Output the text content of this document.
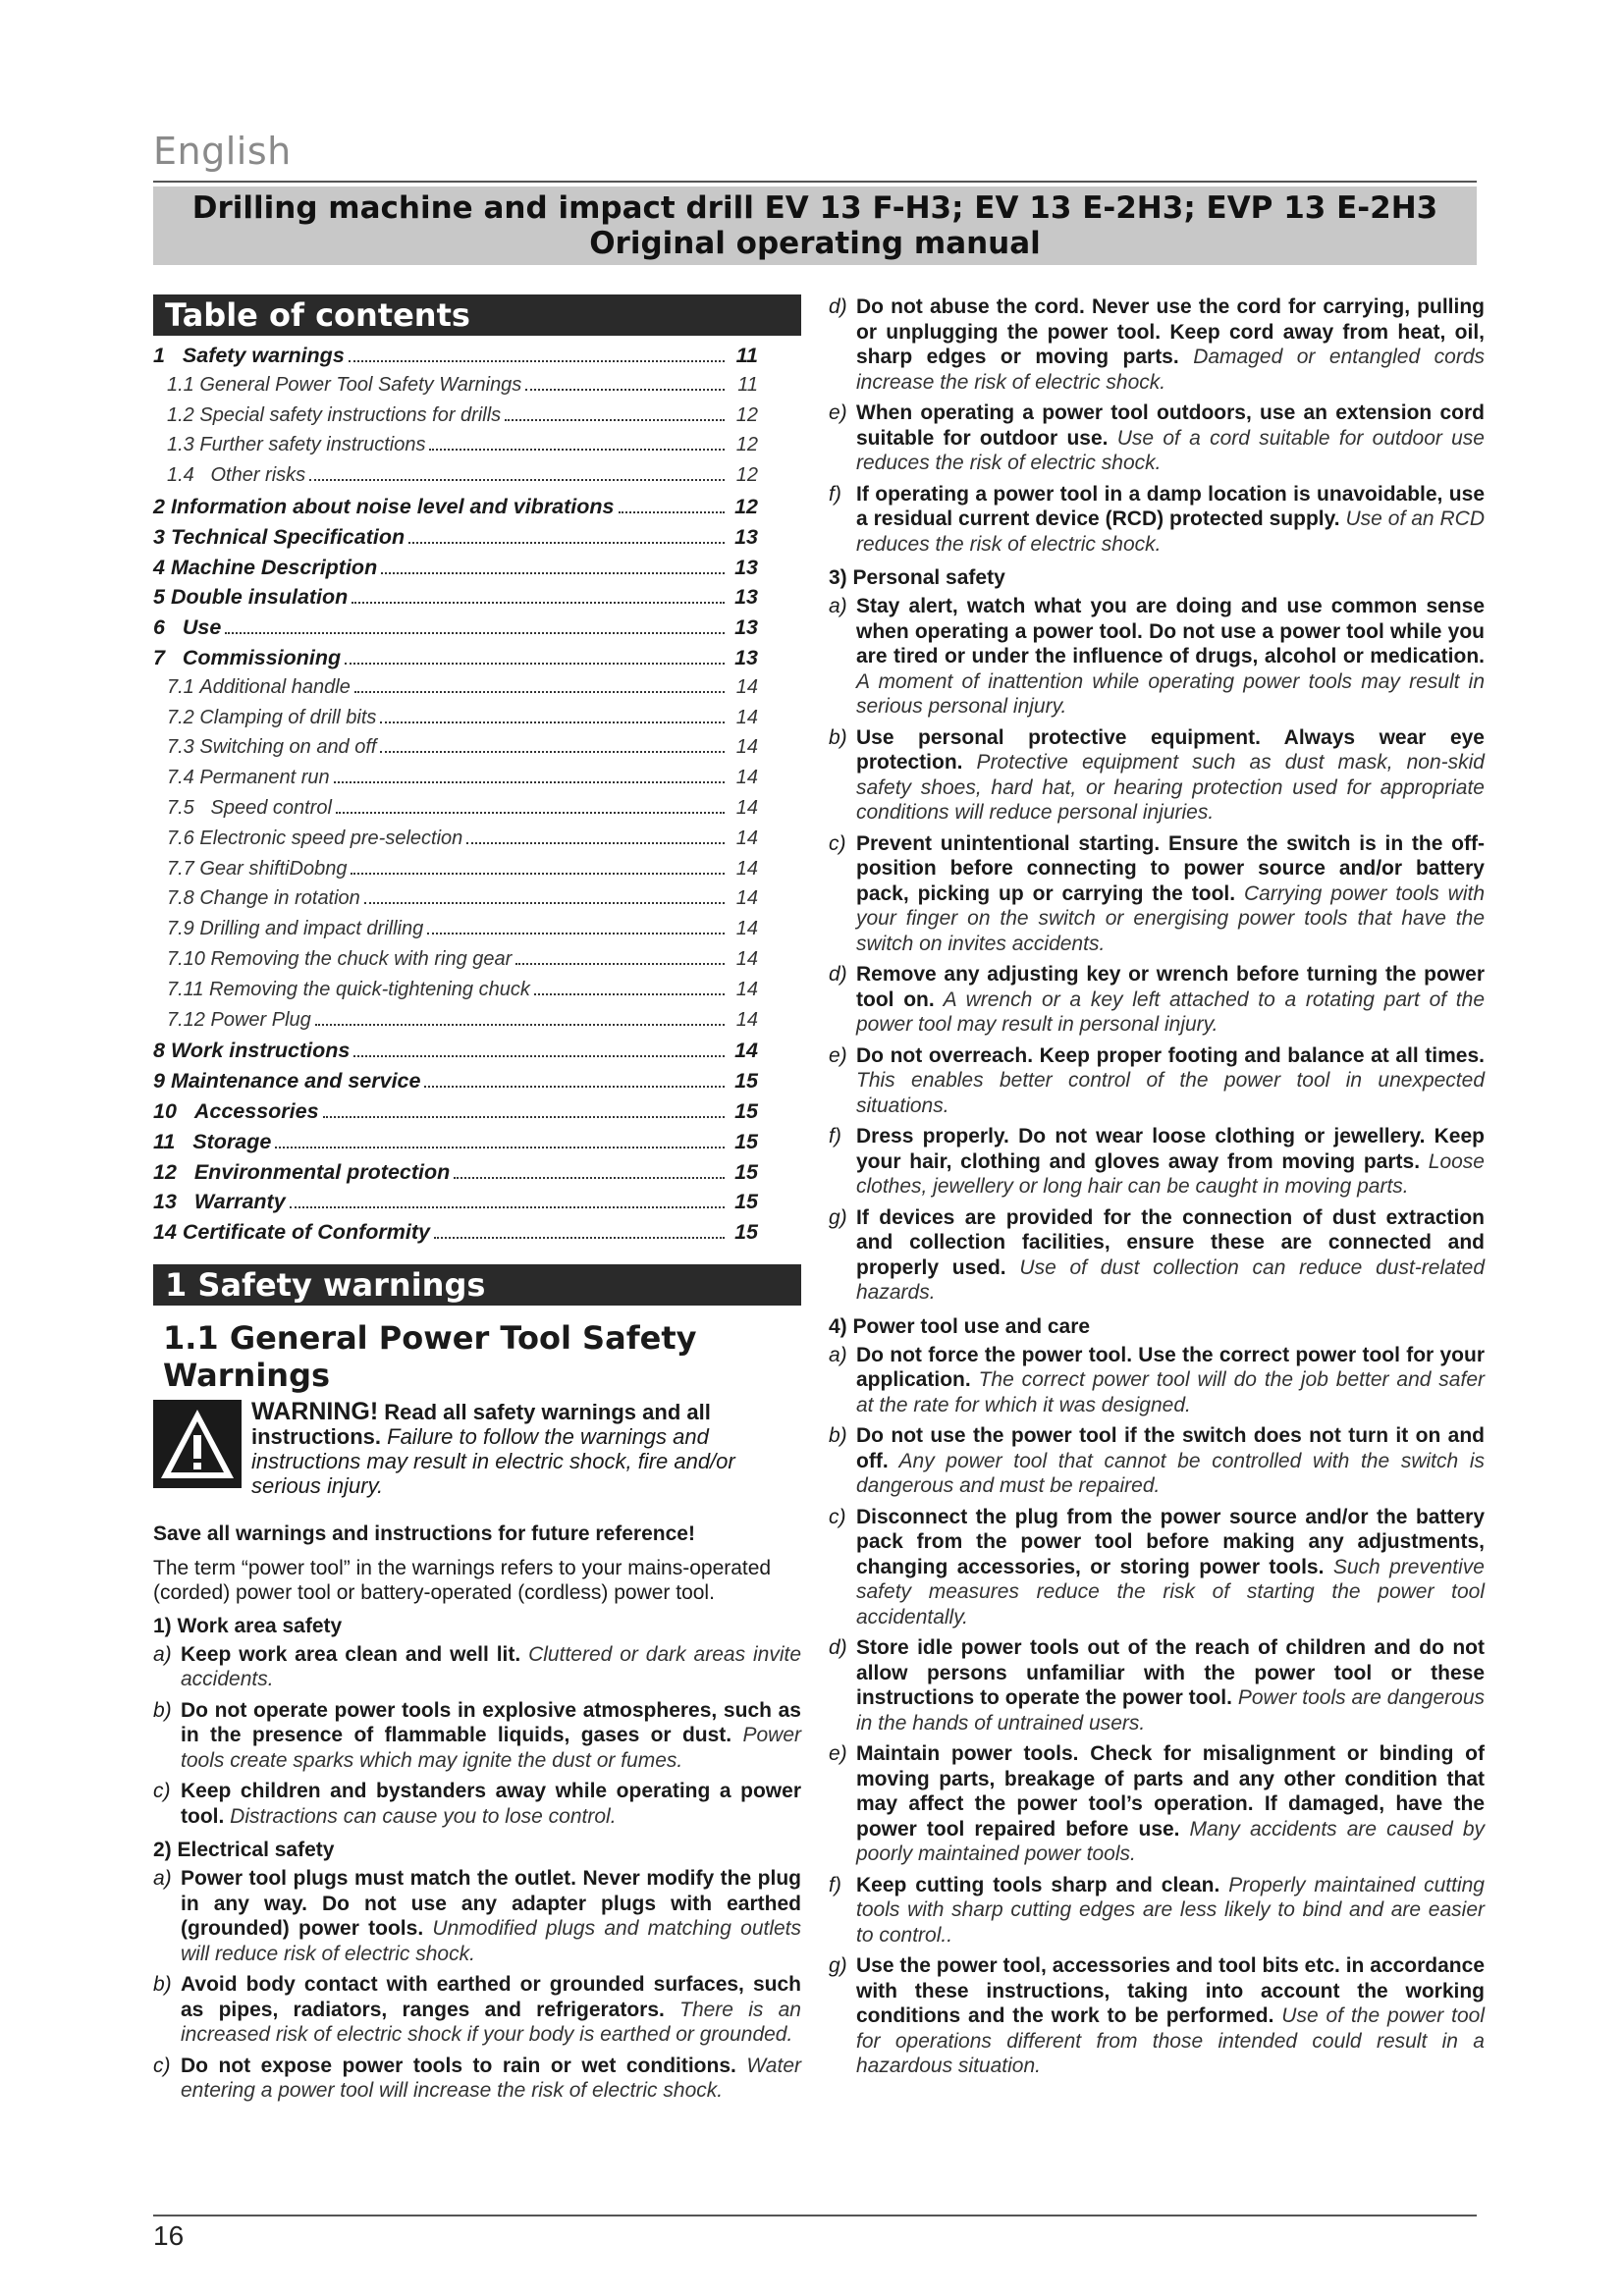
English
Drilling machine and impact drill EV 13 F-H3; EV 13 E-2H3; EVP 13 E-2H3
Original operating manual
Table of contents
1 Safety warnings	11
1.1 General Power Tool Safety Warnings	11
1.2 Special safety instructions for drills	12
1.3 Further safety instructions	12
1.4 Other risks	12
2 Information about noise level and vibrations	12
3 Technical Specification	13
4 Machine Description	13
5 Double insulation	13
6 Use	13
7 Commissioning	13
7.1 Additional handle	14
7.2 Clamping of drill bits	14
7.3 Switching on and off	14
7.4 Permanent run	14
7.5 Speed control	14
7.6 Electronic speed pre-selection	14
7.7 Gear shiftiDobng	14
7.8 Change in rotation	14
7.9 Drilling and impact drilling	14
7.10 Removing the chuck with ring gear	14
7.11 Removing the quick-tightening chuck	14
7.12 Power Plug	14
8 Work instructions	14
9 Maintenance and service	15
10 Accessories	15
11 Storage	15
12 Environmental protection	15
13 Warranty	15
14 Certificate of Conformity	15
1 Safety warnings
1.1 General Power Tool Safety Warnings
WARNING! Read all safety warnings and all instructions. Failure to follow the warnings and instructions may result in electric shock, fire and/or serious injury.
Save all warnings and instructions for future reference!
The term “power tool” in the warnings refers to your mains-operated (corded) power tool or battery-operated (cordless) power tool.
1) Work area safety
a) Keep work area clean and well lit. Cluttered or dark areas invite accidents.
b) Do not operate power tools in explosive atmospheres, such as in the presence of flammable liquids, gases or dust. Power tools create sparks which may ignite the dust or fumes.
c) Keep children and bystanders away while operating a power tool. Distractions can cause you to lose control.
2) Electrical safety
a) Power tool plugs must match the outlet. Never modify the plug in any way. Do not use any adapter plugs with earthed (grounded) power tools. Unmodified plugs and matching outlets will reduce risk of electric shock.
b) Avoid body contact with earthed or grounded surfaces, such as pipes, radiators, ranges and refrigerators. There is an increased risk of electric shock if your body is earthed or grounded.
c) Do not expose power tools to rain or wet conditions. Water entering a power tool will increase the risk of electric shock.
d) Do not abuse the cord. Never use the cord for carrying, pulling or unplugging the power tool. Keep cord away from heat, oil, sharp edges or moving parts. Damaged or entangled cords increase the risk of electric shock.
e) When operating a power tool outdoors, use an extension cord suitable for outdoor use. Use of a cord suitable for outdoor use reduces the risk of electric shock.
f) If operating a power tool in a damp location is unavoidable, use a residual current device (RCD) protected supply. Use of an RCD reduces the risk of electric shock.
3) Personal safety
a) Stay alert, watch what you are doing and use common sense when operating a power tool. Do not use a power tool while you are tired or under the influence of drugs, alcohol or medication. A moment of inattention while operating power tools may result in serious personal injury.
b) Use personal protective equipment. Always wear eye protection. Protective equipment such as dust mask, non-skid safety shoes, hard hat, or hearing protection used for appropriate conditions will reduce personal injuries.
c) Prevent unintentional starting. Ensure the switch is in the off-position before connecting to power source and/or battery pack, picking up or carrying the tool. Carrying power tools with your finger on the switch or energising power tools that have the switch on invites accidents.
d) Remove any adjusting key or wrench before turning the power tool on. A wrench or a key left attached to a rotating part of the power tool may result in personal injury.
e) Do not overreach. Keep proper footing and balance at all times. This enables better control of the power tool in unexpected situations.
f) Dress properly. Do not wear loose clothing or jewellery. Keep your hair, clothing and gloves away from moving parts. Loose clothes, jewellery or long hair can be caught in moving parts.
g) If devices are provided for the connection of dust extraction and collection facilities, ensure these are connected and properly used. Use of dust collection can reduce dust-related hazards.
4) Power tool use and care
a) Do not force the power tool. Use the correct power tool for your application. The correct power tool will do the job better and safer at the rate for which it was designed.
b) Do not use the power tool if the switch does not turn it on and off. Any power tool that cannot be controlled with the switch is dangerous and must be repaired.
c) Disconnect the plug from the power source and/or the battery pack from the power tool before making any adjustments, changing accessories, or storing power tools. Such preventive safety measures reduce the risk of starting the power tool accidentally.
d) Store idle power tools out of the reach of children and do not allow persons unfamiliar with the power tool or these instructions to operate the power tool. Power tools are dangerous in the hands of untrained users.
e) Maintain power tools. Check for misalignment or binding of moving parts, breakage of parts and any other condition that may affect the power tool’s operation. If damaged, have the power tool repaired before use. Many accidents are caused by poorly maintained power tools.
f) Keep cutting tools sharp and clean. Properly maintained cutting tools with sharp cutting edges are less likely to bind and are easier to control..
g) Use the power tool, accessories and tool bits etc. in accordance with these instructions, taking into account the working conditions and the work to be performed. Use of the power tool for operations different from those intended could result in a hazardous situation.
16
